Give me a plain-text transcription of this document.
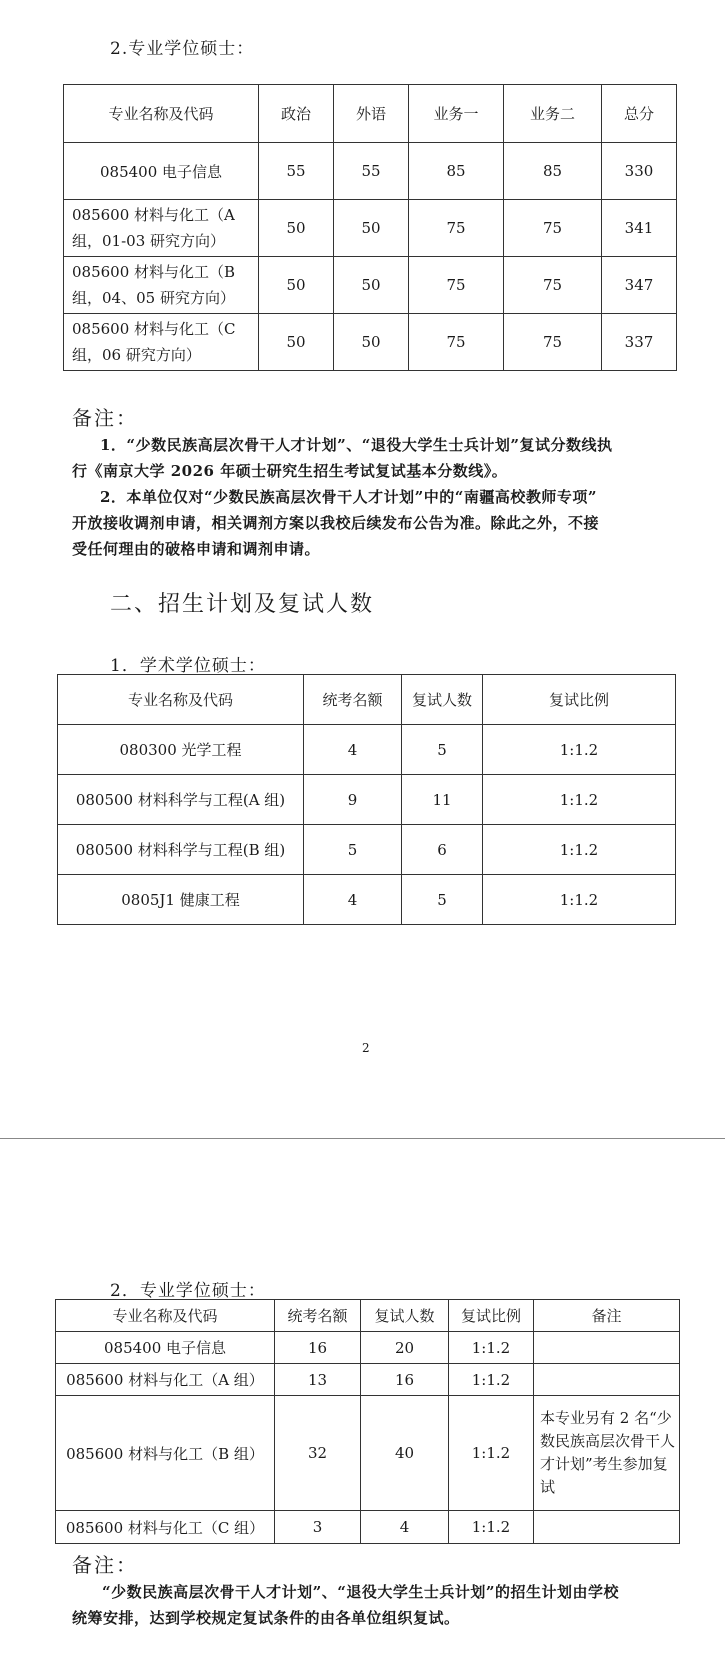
2.专业学位硕士：
专业名称及代码	政治	外语	业务一	业务二	总分
085400 电子信息	55	55	85	85	330
085600 材料与化工（A组，01-03 研究方向）	50	50	75	75	341
085600 材料与化工（B组，04、05 研究方向）	50	50	75	75	347
085600 材料与化工（C组，06 研究方向）	50	50	75	75	337
备注：
1．“少数民族高层次骨干人才计划”、“退役大学生士兵计划”复试分数线执
行《南京大学 2026 年硕士研究生招生考试复试基本分数线》。
2．本单位仅对“少数民族高层次骨干人才计划”中的“南疆高校教师专项”
开放接收调剂申请，相关调剂方案以我校后续发布公告为准。除此之外，不接
受任何理由的破格申请和调剂申请。
二、招生计划及复试人数
1．学术学位硕士：
专业名称及代码	统考名额	复试人数	复试比例
080300 光学工程	4	5	1:1.2
080500 材料科学与工程(A 组)	9	11	1:1.2
080500 材料科学与工程(B 组)	5	6	1:1.2
0805J1 健康工程	4	5	1:1.2
2
2．专业学位硕士：
专业名称及代码	统考名额	复试人数	复试比例	备注
085400 电子信息	16	20	1:1.2	
085600 材料与化工（A 组）	13	16	1:1.2	
085600 材料与化工（B 组）	32	40	1:1.2	本专业另有 2 名“少数民族高层次骨干人才计划”考生参加复试
085600 材料与化工（C 组）	3	4	1:1.2	
备注：
“少数民族高层次骨干人才计划”、“退役大学生士兵计划”的招生计划由学校
统筹安排，达到学校规定复试条件的由各单位组织复试。
